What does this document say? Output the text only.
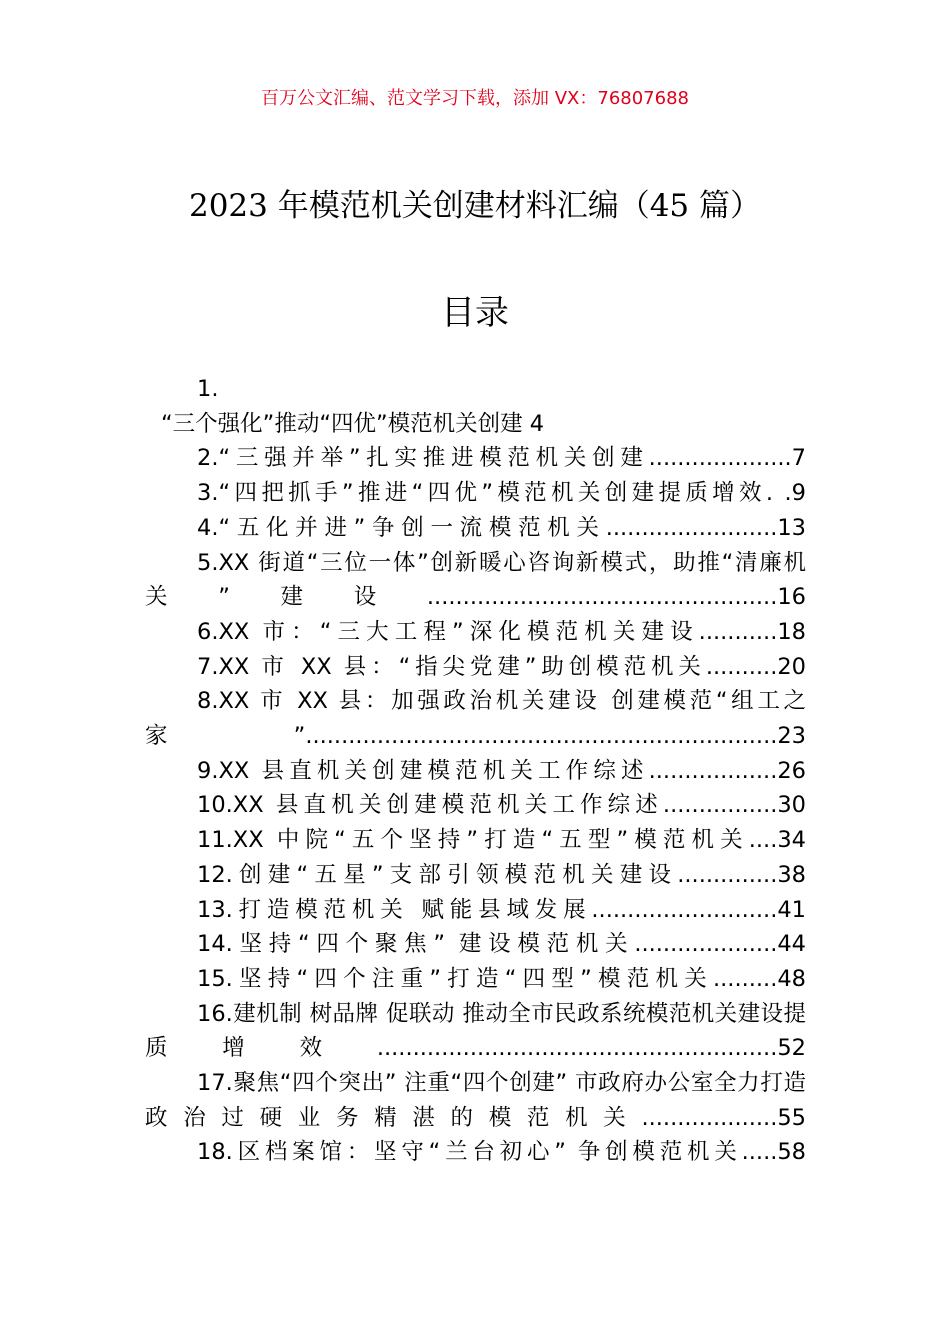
百万公文汇编、范文学习下载，添加 VX：76807688
2023 年模范机关创建材料汇编（45 篇）
目录
1.
“三个强化”推动“四优”模范机关创建 4
2.“三强并举”扎实推进模范机关创建....................7
3.“四把抓手”推进“四优”模范机关创建提质增效. .9
4.“五化并进”争创一流模范机关........................13
5.XX 街道“三位一体”创新暖心咨询新模式，助推“清廉机关”建设.................................................16
6.XX 市：“三大工程”深化模范机关建设...........18
7.XX 市 XX 县：“指尖党建”助创模范机关..........20
8.XX 市 XX 县：加强政治机关建设 创建模范“组工之家”..................................................................23
9.XX 县直机关创建模范机关工作综述..................26
10.XX 县直机关创建模范机关工作综述................30
11.XX 中院“五个坚持”打造“五型”模范机关....34
12.创建“五星”支部引领模范机关建设..............38
13.打造模范机关 赋能县域发展..........................41
14.坚持“四个聚焦” 建设模范机关....................44
15.坚持“四个注重”打造“四型”模范机关.........48
16.建机制 树品牌 促联动 推动全市民政系统模范机关建设提质增效........................................................52
17.聚焦“四个突出” 注重“四个创建” 市政府办公室全力打造政治过硬业务精湛的模范机关...................55
18.区档案馆：坚守“兰台初心” 争创模范机关.....58
